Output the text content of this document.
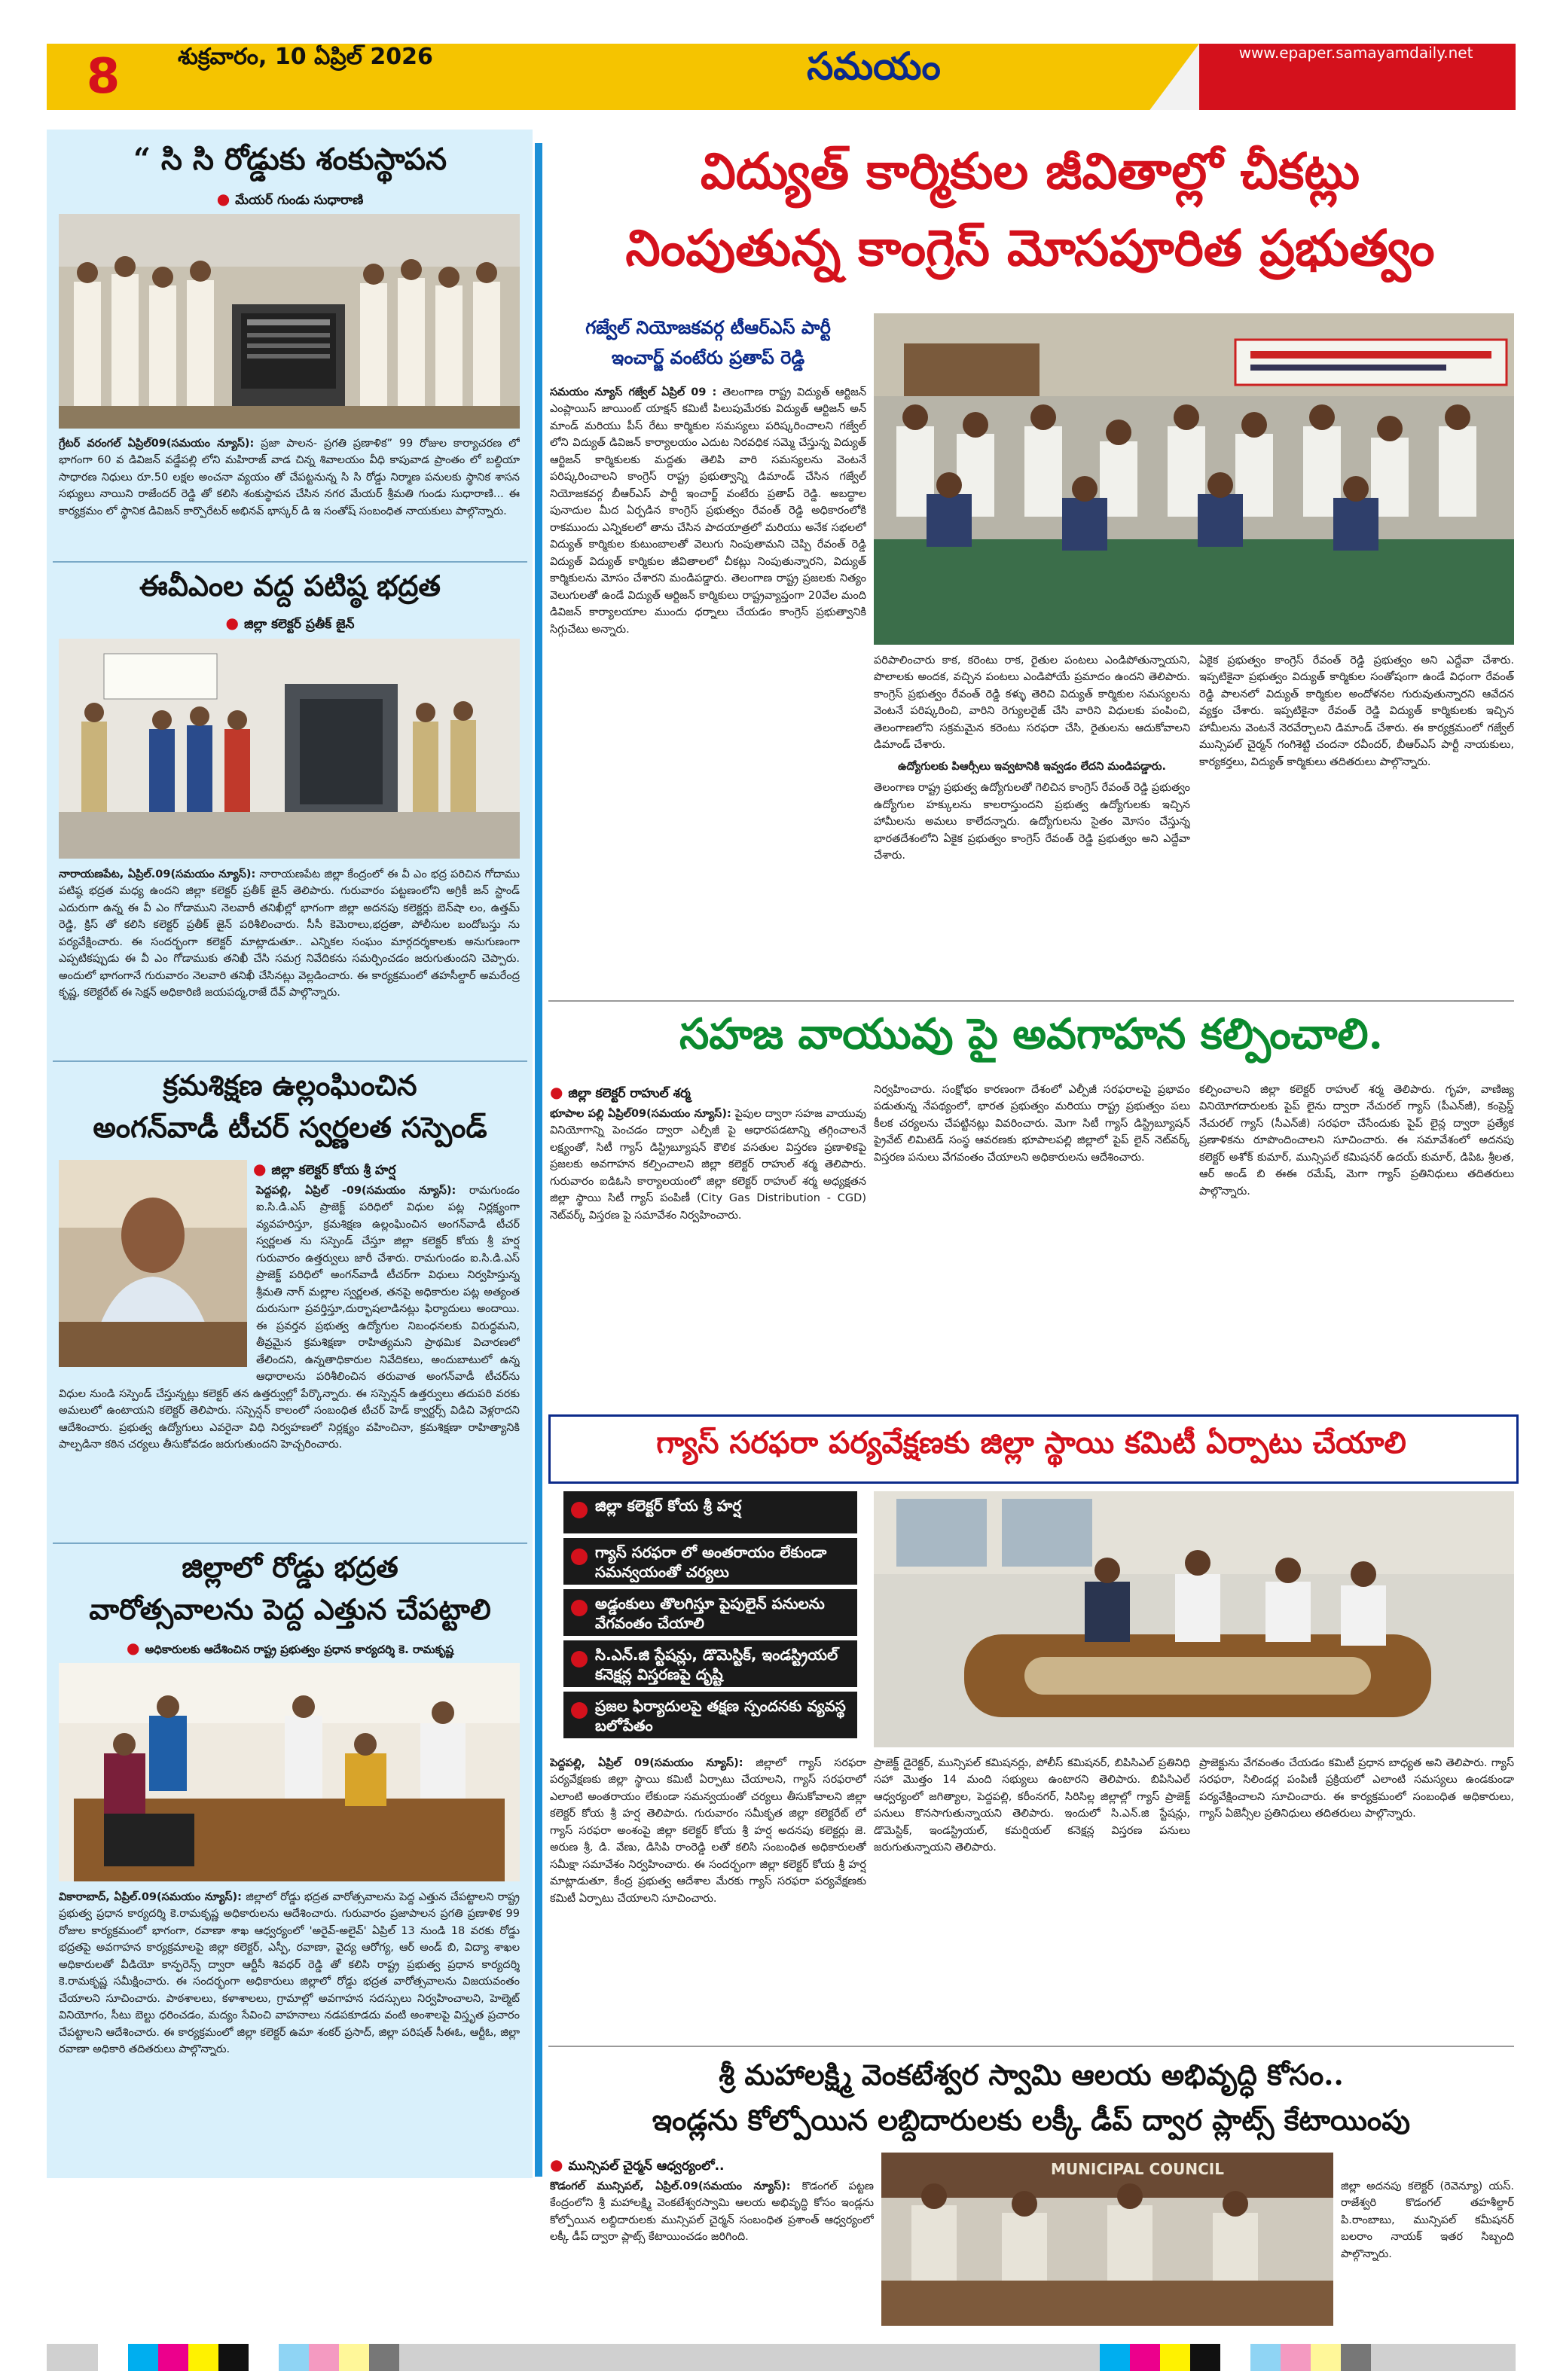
8	శుక్రవారం, 10 ఏప్రిల్ 2026	సమయం	www.epaper.samayamdaily.net
“ సి సి రోడ్డుకు శంకుస్థాపన
● మేయర్ గుండు సుధారాణి
గ్రేటర్ వరంగల్ ఏప్రిల్09(సమయం న్యూస్): ప్రజా పాలన- ప్రగతి ప్రణాళిక” 99 రోజుల కార్యాచరణ లో భాగంగా 60 వ డివిజన్ వడ్డేపల్లి లోని మహిరాజ్ వాడ చిన్న శివాలయం వీధి కాపువాడ ప్రాంతం లో బల్దియా సాధారణ నిధులు రూ.50 లక్షల అంచనా వ్యయం తో చేపట్టనున్న సి సి రోడ్డు నిర్మాణ పనులకు స్థానిక శాసన సభ్యులు నాయిని రాజేందర్ రెడ్డి తో కలిసి శంకుస్థాపన చేసిన నగర మేయర్ శ్రీమతి గుండు సుధారాణి... ఈ కార్యక్రమం లో స్థానిక డివిజన్ కార్పొరేటర్ అభినవ్ భాస్కర్ డి ఇ సంతోష్ సంబంధిత నాయకులు పాల్గొన్నారు.
ఈవీఎంల వద్ద పటిష్ఠ భద్రత
● జిల్లా కలెక్టర్ ప్రతీక్ జైన్
నారాయణపేట, ఏప్రిల్.09(సమయం న్యూస్): నారాయణపేట జిల్లా కేంద్రంలో ఈ వీ ఎం భద్ర పరిచిన గోదాము పటిష్ఠ భద్రత మధ్య ఉందని జిల్లా కలెక్టర్ ప్రతీక్ జైన్ తెలిపారు. గురువారం పట్టణంలోని అగ్రికీ జన్ స్టాండ్ ఎదురుగా ఉన్న ఈ వీ ఎం గోడాముని నెలవారీ తనిఖీల్లో భాగంగా జిల్లా అదనపు కలెక్టర్లు బెన్‌షా లం, ఉత్తమ్ రెడ్డి, క్రిస్ తో కలిసి కలెక్టర్ ప్రతీక్ జైన్ పరిశీలించారు. సీసీ కెమెరాలు,భద్రతా, పోలీసుల బందోబస్తు ను పర్యవేక్షించారు. ఈ సందర్భంగా కలెక్టర్ మాట్లాడుతూ.. ఎన్నికల సంఘం మార్గదర్శకాలకు అనుగుణంగా ఎప్పటికప్పుడు ఈ వీ ఎం గోడాముకు తనిఖీ చేసి సమగ్ర నివేదికను సమర్పించడం జరుగుతుందని చెప్పారు. అందులో భాగంగానే గురువారం నెలవారి తనిఖీ చేసినట్లు వెల్లడించారు. ఈ కార్యక్రమంలో తహసీల్దార్ అమరేంద్ర కృష్ణ, కలెక్టరేట్ ఈ సెక్షన్ అధికారిణి జయపద్మ,రాజే దేవ్ పాల్గొన్నారు.
క్రమశిక్షణ ఉల్లంఘించిన
అంగన్‌వాడీ టీచర్ స్వర్ణలత సస్పెండ్
● జిల్లా కలెక్టర్ కోయ శ్రీ హర్ష
పెద్దపల్లి, ఏప్రిల్ -09(సమయం న్యూస్): రామగుండం ఐ.సి.డి.ఎస్ ప్రాజెక్ట్ పరిధిలో విధుల పట్ల నిర్లక్ష్యంగా వ్యవహరిస్తూ, క్రమశిక్షణ ఉల్లంఘించిన అంగన్‌వాడీ టీచర్ స్వర్ణలత ను సస్పెండ్ చేస్తూ జిల్లా కలెక్టర్ కోయ శ్రీ హర్ష గురువారం ఉత్తర్వులు జారీ చేశారు. రామగుండం ఐ.సి.డి.ఎస్ ప్రాజెక్ట్ పరిధిలో అంగన్‌వాడీ టీచర్‌గా విధులు నిర్వహిస్తున్న శ్రీమతి నాగ్ మల్లాల స్వర్ణలత, తనపై అధికారుల పట్ల అత్యంత దురుసుగా ప్రవర్తిస్తూ,దుర్భాషలాడినట్లు ఫిర్యాదులు అందాయి. ఈ ప్రవర్తన ప్రభుత్వ ఉద్యోగుల నిబంధనలకు విరుద్ధమని, తీవ్రమైన క్రమశిక్షణా రాహిత్యమని ప్రాథమిక విచారణలో తేలిందని, ఉన్నతాధికారుల నివేదికలు, అందుబాటులో ఉన్న ఆధారాలను పరిశీలించిన తరువాత అంగన్‌వాడీ టీచర్‌ను విధుల నుండి సస్పెండ్ చేస్తున్నట్లు కలెక్టర్ తన ఉత్తర్వుల్లో పేర్కొన్నారు. ఈ సస్పెన్షన్ ఉత్తర్వులు తదుపరి వరకు అమలులో ఉంటాయని కలెక్టర్ తెలిపారు. సస్పెన్షన్ కాలంలో సంబంధిత టీచర్ హెడ్ క్వార్టర్స్ విడిచి వెళ్లరాదని ఆదేశించారు. ప్రభుత్వ ఉద్యోగులు ఎవరైనా విధి నిర్వహణలో నిర్లక్ష్యం వహించినా, క్రమశిక్షణా రాహిత్యానికి పాల్పడినా కఠిన చర్యలు తీసుకోవడం జరుగుతుందని హెచ్చరించారు.
జిల్లాలో రోడ్డు భద్రత
వారోత్సవాలను పెద్ద ఎత్తున చేపట్టాలి
● అధికారులకు ఆదేశించిన రాష్ట్ర ప్రభుత్వం ప్రధాన కార్యదర్శి కె. రామకృష్ణ
వికారాబాద్, ఏప్రిల్.09(సమయం న్యూస్): జిల్లాలో రోడ్డు భద్రత వారోత్సవాలను పెద్ద ఎత్తున చేపట్టాలని రాష్ట్ర ప్రభుత్వ ప్రధాన కార్యదర్శి కె.రామకృష్ణ అధికారులను ఆదేశించారు. గురువారం ప్రజాపాలన ప్రగతి ప్రణాళిక 99 రోజుల కార్యక్రమంలో భాగంగా, రవాణా శాఖ ఆధ్వర్యంలో 'అరైవ్-అలైవ్' ఏప్రిల్ 13 నుండి 18 వరకు రోడ్డు భద్రతపై అవగాహన కార్యక్రమాలపై జిల్లా కలెక్టర్, ఎస్పీ, రవాణా, వైద్య ఆరోగ్య, ఆర్ అండ్ బి, విద్యా శాఖల అధికారులతో వీడియో కాన్ఫరెన్స్ ద్వారా ఆర్టీసీ శివధర్ రెడ్డి తో కలిసి రాష్ట్ర ప్రభుత్వ ప్రధాన కార్యదర్శి కె.రామకృష్ణ సమీక్షించారు. ఈ సందర్భంగా అధికారులు జిల్లాలో రోడ్డు భద్రత వారోత్సవాలను విజయవంతం చేయాలని సూచించారు. పాఠశాలలు, కళాశాలలు, గ్రామాల్లో అవగాహన సదస్సులు నిర్వహించాలని, హెల్మెట్ వినియోగం, సీటు బెల్టు ధరించడం, మద్యం సేవించి వాహనాలు నడపకూడదు వంటి అంశాలపై విస్తృత ప్రచారం చేపట్టాలని ఆదేశించారు. ఈ కార్యక్రమంలో జిల్లా కలెక్టర్ ఉమా శంకర్ ప్రసాద్, జిల్లా పరిషత్ సీఈఓ, ఆర్టీఓ, జిల్లా రవాణా అధికారి తదితరులు పాల్గొన్నారు.
విద్యుత్ కార్మికుల జీవితాల్లో చీకట్లు
నింపుతున్న కాంగ్రెస్ మోసపూరిత ప్రభుత్వం
గజ్వేల్ నియోజకవర్గ టీఆర్ఎస్ పార్టీ
ఇంచార్జ్ వంటేరు ప్రతాప్ రెడ్డి
సమయం న్యూస్ గజ్వేల్ ఏప్రిల్ 09 : తెలంగాణ రాష్ట్ర విద్యుత్ ఆర్టిజన్ ఎంప్లాయిస్ జాయింట్ యాక్షన్ కమిటీ పిలుపుమేరకు విద్యుత్ ఆర్టిజన్ అన్ మాండ్ మరియు పీస్ రేటు కార్మికుల సమస్యలు పరిష్కరించాలని గజ్వేల్ లోని విద్యుత్ డివిజన్ కార్యాలయం ఎదుట నిరవధిక సమ్మె చేస్తున్న విద్యుత్ ఆర్టిజన్ కార్మికులకు మద్దతు తెలిపి వారి సమస్యలను వెంటనే పరిష్కరించాలని కాంగ్రెస్ రాష్ట్ర ప్రభుత్వాన్ని డిమాండ్ చేసిన గజ్వేల్ నియోజకవర్గ బీఆర్ఎస్ పార్టీ ఇంచార్జ్ వంటేరు ప్రతాప్ రెడ్డి. అబద్ధాల పునాదుల మీద ఏర్పడిన కాంగ్రెస్ ప్రభుత్వం రేవంత్ రెడ్డి అధికారంలోకి రాకముందు ఎన్నికలలో తాను చేసిన పాదయాత్రలో మరియు అనేక సభలలో విద్యుత్ కార్మికుల కుటుంబాలతో వెలుగు నింపుతామని చెప్పి రేవంత్ రెడ్డి విద్యుత్ విద్యుత్ కార్మికుల జీవితాలలో చీకట్లు నింపుతున్నారని, విద్యుత్ కార్మికులను మోసం చేశారని మండిపడ్డారు. తెలంగాణ రాష్ట్ర ప్రజలకు నిత్యం వెలుగులతో ఉండే విద్యుత్ ఆర్టిజన్ కార్మికులు రాష్ట్రవ్యాప్తంగా 20వేల మంది డివిజన్ కార్యాలయాల ముందు ధర్నాలు చేయడం కాంగ్రెస్ ప్రభుత్వానికి సిగ్గుచేటు అన్నారు.
పరిపాలించారు కాక, కరెంటు రాక, రైతుల పంటలు ఎండిపోతున్నాయని, పొలాలకు అందక, వచ్చిన పంటలు ఎండిపోయే ప్రమాదం ఉందని తెలిపారు. కాంగ్రెస్ ప్రభుత్వం రేవంత్ రెడ్డి కళ్ళు తెరిచి విద్యుత్ కార్మికుల సమస్యలను వెంటనే పరిష్కరించి, వారిని రెగ్యులరైజ్ చేసి వారిని విధులకు పంపించి, తెలంగాణలోని సక్రమమైన కరెంటు సరఫరా చేసి, రైతులను ఆదుకోవాలని డిమాండ్ చేశారు.
ఉద్యోగులకు పిఆర్సీలు ఇవ్వటానికి ఇవ్వడం లేదని మండిపడ్డారు.
తెలంగాణ రాష్ట్ర ప్రభుత్వ ఉద్యోగులతో గెలిచిన కాంగ్రెస్ రేవంత్ రెడ్డి ప్రభుత్వం ఉద్యోగుల హక్కులను కాలరాస్తుందని ప్రభుత్వ ఉద్యోగులకు ఇచ్చిన హామీలను అమలు కాలేదన్నారు. ఉద్యోగులను సైతం మోసం చేస్తున్న భారతదేశంలోని ఏకైక ప్రభుత్వం కాంగ్రెస్ రేవంత్ రెడ్డి ప్రభుత్వం అని ఎద్దేవా చేశారు.
ఏకైక ప్రభుత్వం కాంగ్రెస్ రేవంత్ రెడ్డి ప్రభుత్వం అని ఎద్దేవా చేశారు. ఇప్పటికైనా ప్రభుత్వం విద్యుత్ కార్మికుల సంతోషంగా ఉండే విధంగా రేవంత్ రెడ్డి పాలనలో విద్యుత్ కార్మికుల అందోళనల గురువుతున్నారని ఆవేదన వ్యక్తం చేశారు. ఇప్పటికైనా రేవంత్ రెడ్డి విద్యుత్ కార్మికులకు ఇచ్చిన హామీలను వెంటనే నెరవేర్చాలని డిమాండ్ చేశారు. ఈ కార్యక్రమంలో గజ్వేల్ మున్సిపల్ చైర్మన్ గంగిశెట్టి చందనా రవీందర్, బీఆర్ఎస్ పార్టీ నాయకులు, కార్యకర్తలు, విద్యుత్ కార్మికులు తదితరులు పాల్గొన్నారు.
సహజ వాయువు పై అవగాహన కల్పించాలి.
● జిల్లా కలెక్టర్ రాహుల్ శర్మ
భూపాల పల్లి ఏప్రిల్09(సమయం న్యూస్): పైపుల ద్వారా సహజ వాయువు వినియోగాన్ని పెంచడం ద్వారా ఎల్పీజీ పై ఆధారపడటాన్ని తగ్గించాలనే లక్ష్యంతో, సిటీ గ్యాస్ డిస్ట్రిబ్యూషన్ కౌలిక వసతుల విస్తరణ ప్రణాళికపై ప్రజలకు అవగాహన కల్పించాలని జిల్లా కలెక్టర్ రాహుల్ శర్మ తెలిపారు. గురువారం ఐడిఓసి కార్యాలయంలో జిల్లా కలెక్టర్ రాహుల్ శర్మ అధ్యక్షతన జిల్లా స్థాయి సిటీ గ్యాస్ పంపిణీ (City Gas Distribution - CGD) నెట్‌వర్క్ విస్తరణ పై సమావేశం నిర్వహించారు.
నిర్వహించారు. సంక్షోభం కారణంగా దేశంలో ఎల్పీజీ సరఫరాలపై ప్రభావం పడుతున్న నేపథ్యంలో, భారత ప్రభుత్వం మరియు రాష్ట్ర ప్రభుత్వం పలు కీలక చర్యలను చేపట్టినట్లు వివరించారు. మెగా సిటీ గ్యాస్ డిస్ట్రిబ్యూషన్ ప్రైవేట్ లిమిటెడ్ సంస్థ ఆవరణకు భూపాలపల్లి జిల్లాలో పైప్ లైన్ నెట్‌వర్క్ విస్తరణ పనులు వేగవంతం చేయాలని అధికారులను ఆదేశించారు.
కల్పించాలని జిల్లా కలెక్టర్ రాహుల్ శర్మ తెలిపారు. గృహ, వాణిజ్య వినియోగదారులకు పైప్ లైను ద్వారా నేచురల్ గ్యాస్ (పీఎన్‌జీ), కంప్రెస్డ్ నేచురల్ గ్యాస్ (సీఎన్‌జీ) సరఫరా చేసేందుకు పైప్ లైన్ల ద్వారా ప్రత్యేక ప్రణాళికను రూపొందించాలని సూచించారు. ఈ సమావేశంలో అదనపు కలెక్టర్ అశోక్ కుమార్, మున్సిపల్ కమిషనర్ ఉదయ్ కుమార్, డిపిఓ శ్రీలత, ఆర్ అండ్ బి ఈఈ రమేష్, మెగా గ్యాస్ ప్రతినిధులు తదితరులు పాల్గొన్నారు.
గ్యాస్ సరఫరా పర్యవేక్షణకు జిల్లా స్థాయి కమిటీ ఏర్పాటు చేయాలి
జిల్లా కలెక్టర్ కోయ శ్రీ హర్ష
గ్యాస్ సరఫరా లో అంతరాయం లేకుండా సమన్వయంతో చర్యలు
అడ్డంకులు తొలగిస్తూ పైపులైన్ పనులను వేగవంతం చేయాలి
సి.ఎన్.జి స్టేషన్లు, డొమెస్టిక్, ఇండస్ట్రియల్ కనెక్షన్ల విస్తరణపై దృష్టి
ప్రజల ఫిర్యాదులపై తక్షణ స్పందనకు వ్యవస్థ బలోపేతం
పెద్దపల్లి, ఏప్రిల్ 09(సమయం న్యూస్): జిల్లాలో గ్యాస్ సరఫరా పర్యవేక్షణకు జిల్లా స్థాయి కమిటీ ఏర్పాటు చేయాలని, గ్యాస్ సరఫరాలో ఎలాంటి అంతరాయం లేకుండా సమన్వయంతో చర్యలు తీసుకోవాలని జిల్లా కలెక్టర్ కోయ శ్రీ హర్ష తెలిపారు. గురువారం సమీకృత జిల్లా కలెక్టరేట్ లో గ్యాస్ సరఫరా అంశంపై జిల్లా కలెక్టర్ కోయ శ్రీ హర్ష అదనపు కలెక్టర్లు జె. అరుణ శ్రీ, డి. వేణు, డిసిపి రాంరెడ్డి లతో కలిసి సంబంధిత అధికారులతో సమీక్షా సమావేశం నిర్వహించారు. ఈ సందర్భంగా జిల్లా కలెక్టర్ కోయ శ్రీ హర్ష మాట్లాడుతూ, కేంద్ర ప్రభుత్వ ఆదేశాల మేరకు గ్యాస్ సరఫరా పర్యవేక్షణకు కమిటీ ఏర్పాటు చేయాలని సూచించారు.
ప్రాజెక్ట్ డైరెక్టర్, మున్సిపల్ కమిషనర్లు, పోలీస్ కమిషనర్, బిపిసిఎల్ ప్రతినిధి సహా మొత్తం 14 మంది సభ్యులు ఉంటారని తెలిపారు. బిపిసిఎల్ ఆధ్వర్యంలో జగిత్యాల, పెద్దపల్లి, కరీంనగర్, సిరిసిల్ల జిల్లాల్లో గ్యాస్ ప్రాజెక్ట్ పనులు కొనసాగుతున్నాయని తెలిపారు. ఇందులో సి.ఎన్.జి స్టేషన్లు, డొమెస్టిక్, ఇండస్ట్రియల్, కమర్షియల్ కనెక్షన్ల విస్తరణ పనులు జరుగుతున్నాయని తెలిపారు.
ప్రాజెక్టును వేగవంతం చేయడం కమిటీ ప్రధాన బాధ్యత అని తెలిపారు. గ్యాస్ సరఫరా, సిలిండర్ల పంపిణీ ప్రక్రియలో ఎలాంటి సమస్యలు ఉండకుండా పర్యవేక్షించాలని సూచించారు. ఈ కార్యక్రమంలో సంబంధిత అధికారులు, గ్యాస్ ఏజెన్సీల ప్రతినిధులు తదితరులు పాల్గొన్నారు.
శ్రీ మహాలక్ష్మి వెంకటేశ్వర స్వామి ఆలయ అభివృద్ధి కోసం..
ఇండ్లను కోల్పోయిన లబ్దిదారులకు లక్కీ డీప్ ద్వార ప్లాట్స్ కేటాయింపు
● మున్సిపల్ చైర్మన్ ఆధ్వర్యంలో..
కొడంగల్ మున్సిపల్, ఏప్రిల్.09(సమయం న్యూస్): కొడంగల్ పట్టణ కేంద్రంలోని శ్రీ మహాలక్ష్మి వెంకటేశ్వరస్వామి ఆలయ అభివృద్ధి కోసం ఇండ్లను కోల్పోయిన లబ్దిదారులకు మున్సిపల్ చైర్మన్ సంబంధిత ప్రశాంత్ ఆధ్వర్యంలో లక్కీ డీప్ ద్వారా ప్లాట్స్ కేటాయించడం జరిగింది.
MUNICIPAL COUNCIL
జిల్లా అదనపు కలెక్టర్ (రెవెన్యూ) యస్. రాజేశ్వరి కొడంగల్ తహశీల్దార్ పి.రాంబాబు, మున్సిపల్ కమీషనర్ బలరాం నాయక్ ఇతర సిబ్బంది పాల్గొన్నారు.
